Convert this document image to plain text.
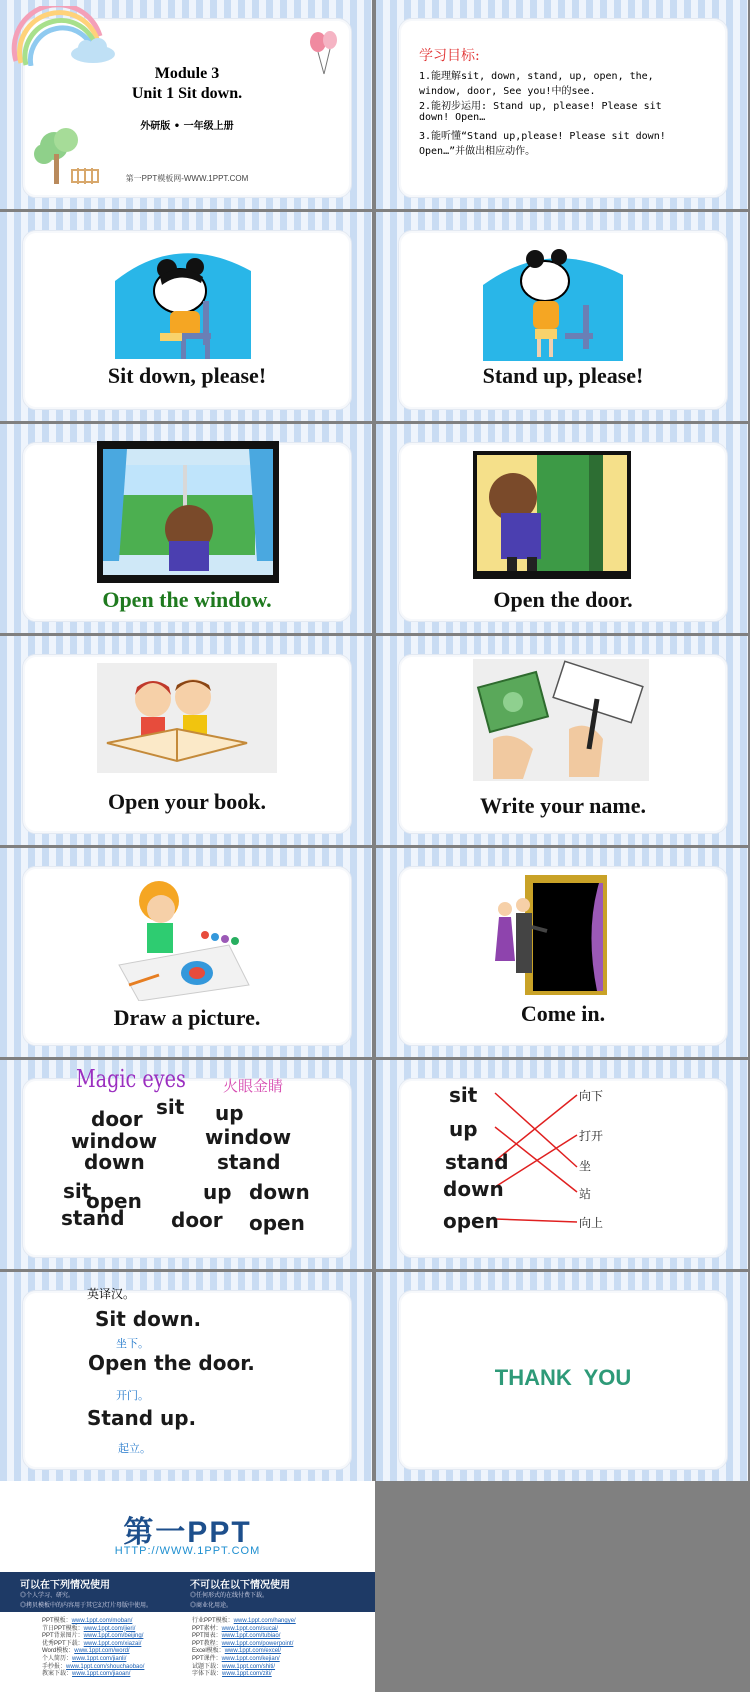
Module 3
Unit 1 Sit down.
外研版 • 一年级上册
第一PPT模板网-WWW.1PPT.COM
学习目标:
1.能理解sit, down, stand, up, open, the,
window, door, See you!中的see.
2.能初步运用: Stand up, please! Please sit
down! Open…
3.能听懂“Stand up,please! Please sit down!
Open…”并做出相应动作。
Sit down, please!	Stand up, please!
Open the window.	Open the door.
Open your book.	Write your name.
Draw a picture.	Come in.
Magic eyes 火眼金睛
sit up
door
window window
down	stand
sit
open	up down
stand door open
sit
up
stand
down
open
向下
打开
坐
站
向上
英译汉。
Sit down.
坐下。
Open the door.
开门。
Stand up.
起立。
THANK  YOU
第一PPT
HTTP://WWW.1PPT.COM
可以在下列情况使用
◎个人学习、研究。
◎拷贝模板中的内容用于其它幻灯片母版中使用。
不可以在以下情况使用
◎任何形式的在线付费下载。
◎商业化用途。
PPT模板：www.1ppt.com/moban/
节日PPT模板：www.1ppt.com/jieri/
PPT背景图片：www.1ppt.com/beijing/
优秀PPT下载：www.1ppt.com/xiazai/
Word模板：www.1ppt.com/word/
个人简历：www.1ppt.com/jianli/
手抄报：www.1ppt.com/shouchaobao/
教案下载：www.1ppt.com/jiaoan/
行业PPT模板：www.1ppt.com/hangye/
PPT素材：www.1ppt.com/sucai/
PPT图表：www.1ppt.com/tubiao/
PPT教程：www.1ppt.com/powerpoint/
Excel模板：www.1ppt.com/excel/
PPT课件：www.1ppt.com/kejian/
试题下载：www.1ppt.com/shiti/
字体下载：www.1ppt.com/ziti/
